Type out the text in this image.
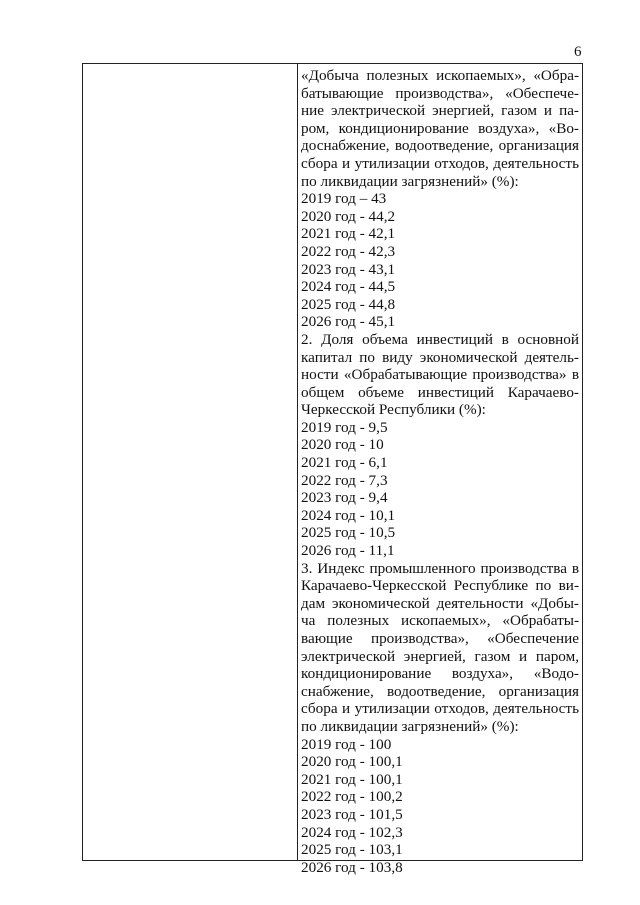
6
«Добыча полезных ископаемых», «Обра-
батывающие производства», «Обеспече-
ние электрической энергией, газом и па-
ром, кондиционирование воздуха», «Во-
доснабжение, водоотведение, организация
сбора и утилизации отходов, деятельность
по ликвидации загрязнений» (%):
2019 год – 43
2020 год - 44,2
2021 год - 42,1
2022 год - 42,3
2023 год - 43,1
2024 год - 44,5
2025 год - 44,8
2026 год - 45,1
2. Доля объема инвестиций в основной
капитал по виду экономической деятель-
ности «Обрабатывающие производства» в
общем объеме инвестиций Карачаево-
Черкесской Республики (%):
2019 год - 9,5
2020 год - 10
2021 год - 6,1
2022 год - 7,3
2023 год - 9,4
2024 год - 10,1
2025 год - 10,5
2026 год - 11,1
3. Индекс промышленного производства в
Карачаево-Черкесской Республике по ви-
дам экономической деятельности «Добы-
ча полезных ископаемых», «Обрабаты-
вающие производства», «Обеспечение
электрической энергией, газом и паром,
кондиционирование воздуха», «Водо-
снабжение, водоотведение, организация
сбора и утилизации отходов, деятельность
по ликвидации загрязнений» (%):
2019 год - 100
2020 год - 100,1
2021 год - 100,1
2022 год - 100,2
2023 год - 101,5
2024 год - 102,3
2025 год - 103,1
2026 год - 103,8
